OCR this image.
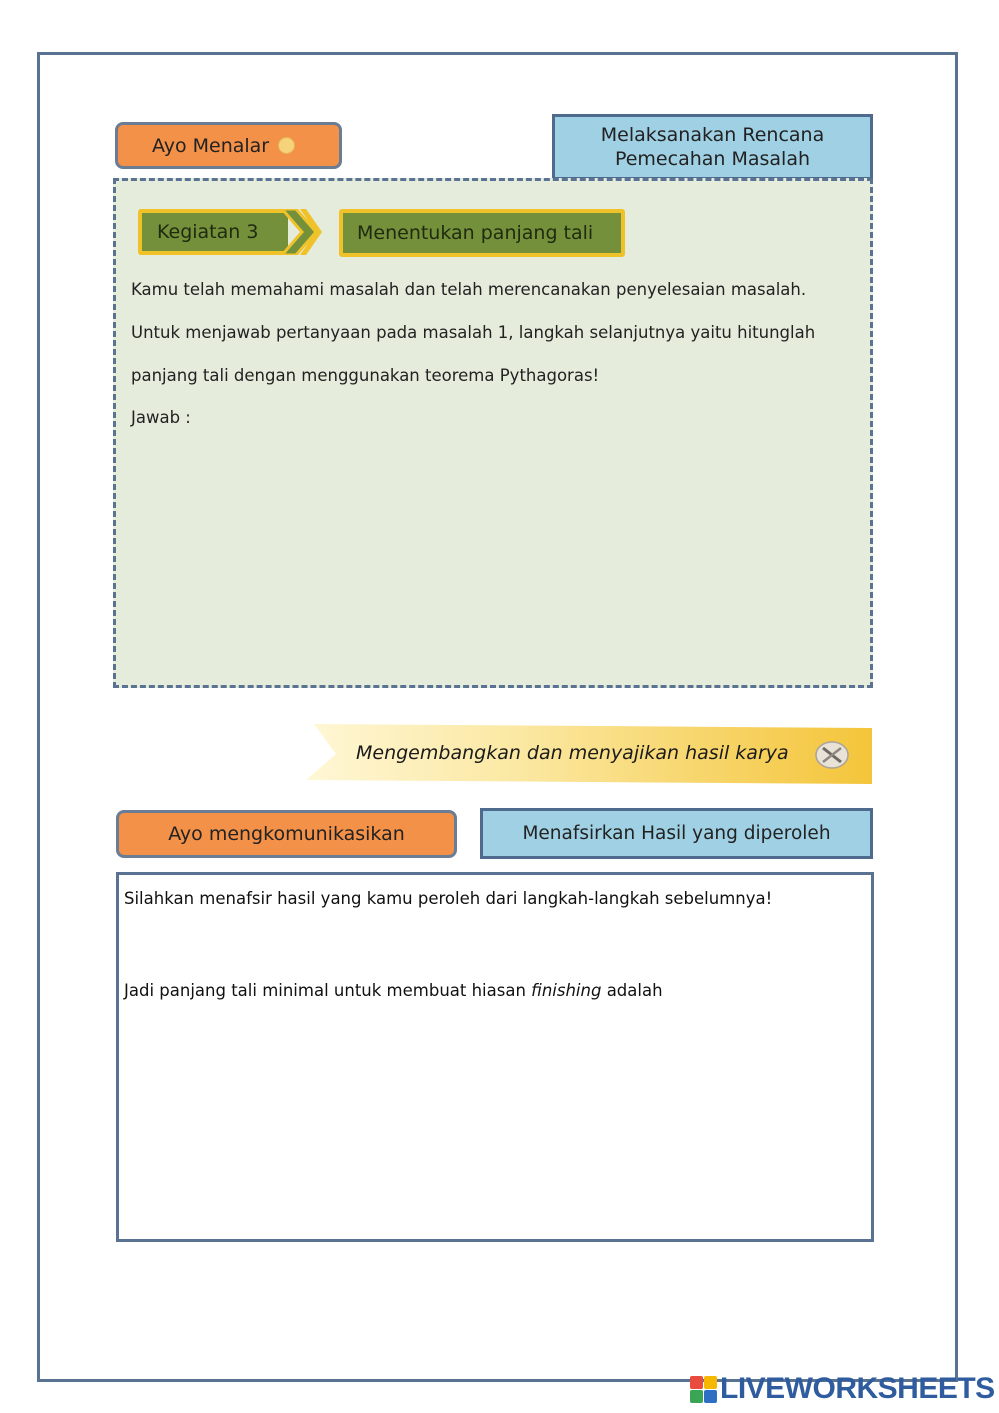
Ayo Menalar	Melaksanakan Rencana
Pemecahan Masalah
Kegiatan 3	Menentukan panjang tali
Kamu telah memahami masalah dan telah merencanakan penyelesaian masalah.
Untuk menjawab pertanyaan pada masalah 1, langkah selanjutnya yaitu hitunglah
panjang tali dengan menggunakan teorema Pythagoras!
Jawab :
Mengembangkan dan menyajikan hasil karya
Ayo mengkomunikasikan	Menafsirkan Hasil yang diperoleh
Silahkan menafsir hasil yang kamu peroleh dari langkah-langkah sebelumnya!
Jadi panjang tali minimal untuk membuat hiasan finishing adalah
LIVEWORKSHEETS
